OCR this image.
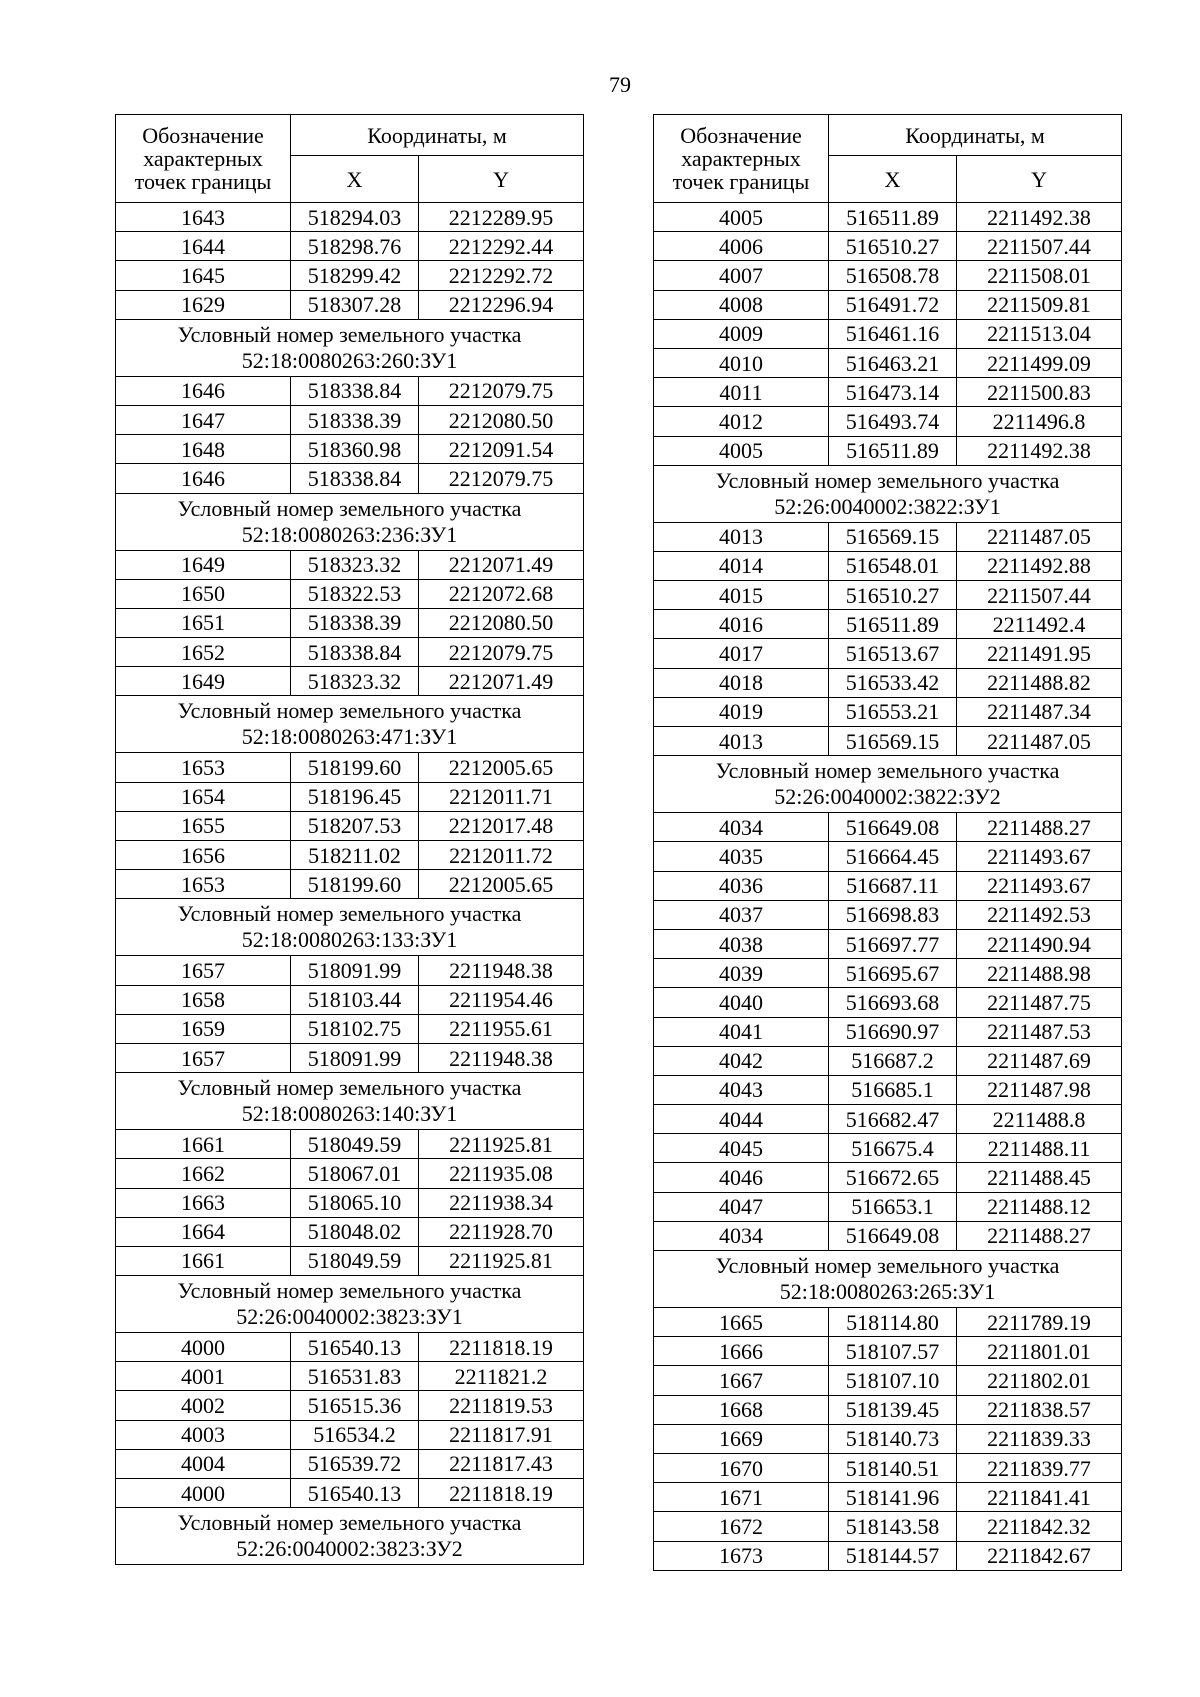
79
Обозначение характерных точек границы	Координаты, м	
	X	Y
1643	518294.03	2212289.95
1644	518298.76	2212292.44
1645	518299.42	2212292.72
1629	518307.28	2212296.94

Условный номер земельного участка
52:18:0080263:260:ЗУ1		

1646	518338.84	2212079.75
1647	518338.39	2212080.50
1648	518360.98	2212091.54
1646	518338.84	2212079.75

Условный номер земельного участка
52:18:0080263:236:ЗУ1		

1649	518323.32	2212071.49
1650	518322.53	2212072.68
1651	518338.39	2212080.50
1652	518338.84	2212079.75
1649	518323.32	2212071.49

Условный номер земельного участка
52:18:0080263:471:ЗУ1		

1653	518199.60	2212005.65
1654	518196.45	2212011.71
1655	518207.53	2212017.48
1656	518211.02	2212011.72
1653	518199.60	2212005.65

Условный номер земельного участка
52:18:0080263:133:ЗУ1		

1657	518091.99	2211948.38
1658	518103.44	2211954.46
1659	518102.75	2211955.61
1657	518091.99	2211948.38

Условный номер земельного участка
52:18:0080263:140:ЗУ1		

1661	518049.59	2211925.81
1662	518067.01	2211935.08
1663	518065.10	2211938.34
1664	518048.02	2211928.70
1661	518049.59	2211925.81

Условный номер земельного участка
52:26:0040002:3823:ЗУ1		

4000	516540.13	2211818.19
4001	516531.83	2211821.2
4002	516515.36	2211819.53
4003	516534.2	2211817.91
4004	516539.72	2211817.43
4000	516540.13	2211818.19

Условный номер земельного участка
52:26:0040002:3823:ЗУ2		
Обозначение характерных точек границы	Координаты, м	
	X	Y
4005	516511.89	2211492.38
4006	516510.27	2211507.44
4007	516508.78	2211508.01
4008	516491.72	2211509.81
4009	516461.16	2211513.04
4010	516463.21	2211499.09
4011	516473.14	2211500.83
4012	516493.74	2211496.8
4005	516511.89	2211492.38

Условный номер земельного участка
52:26:0040002:3822:ЗУ1		

4013	516569.15	2211487.05
4014	516548.01	2211492.88
4015	516510.27	2211507.44
4016	516511.89	2211492.4
4017	516513.67	2211491.95
4018	516533.42	2211488.82
4019	516553.21	2211487.34
4013	516569.15	2211487.05

Условный номер земельного участка
52:26:0040002:3822:ЗУ2		

4034	516649.08	2211488.27
4035	516664.45	2211493.67
4036	516687.11	2211493.67
4037	516698.83	2211492.53
4038	516697.77	2211490.94
4039	516695.67	2211488.98
4040	516693.68	2211487.75
4041	516690.97	2211487.53
4042	516687.2	2211487.69
4043	516685.1	2211487.98
4044	516682.47	2211488.8
4045	516675.4	2211488.11
4046	516672.65	2211488.45
4047	516653.1	2211488.12
4034	516649.08	2211488.27

Условный номер земельного участка
52:18:0080263:265:ЗУ1		

1665	518114.80	2211789.19
1666	518107.57	2211801.01
1667	518107.10	2211802.01
1668	518139.45	2211838.57
1669	518140.73	2211839.33
1670	518140.51	2211839.77
1671	518141.96	2211841.41
1672	518143.58	2211842.32
1673	518144.57	2211842.67
